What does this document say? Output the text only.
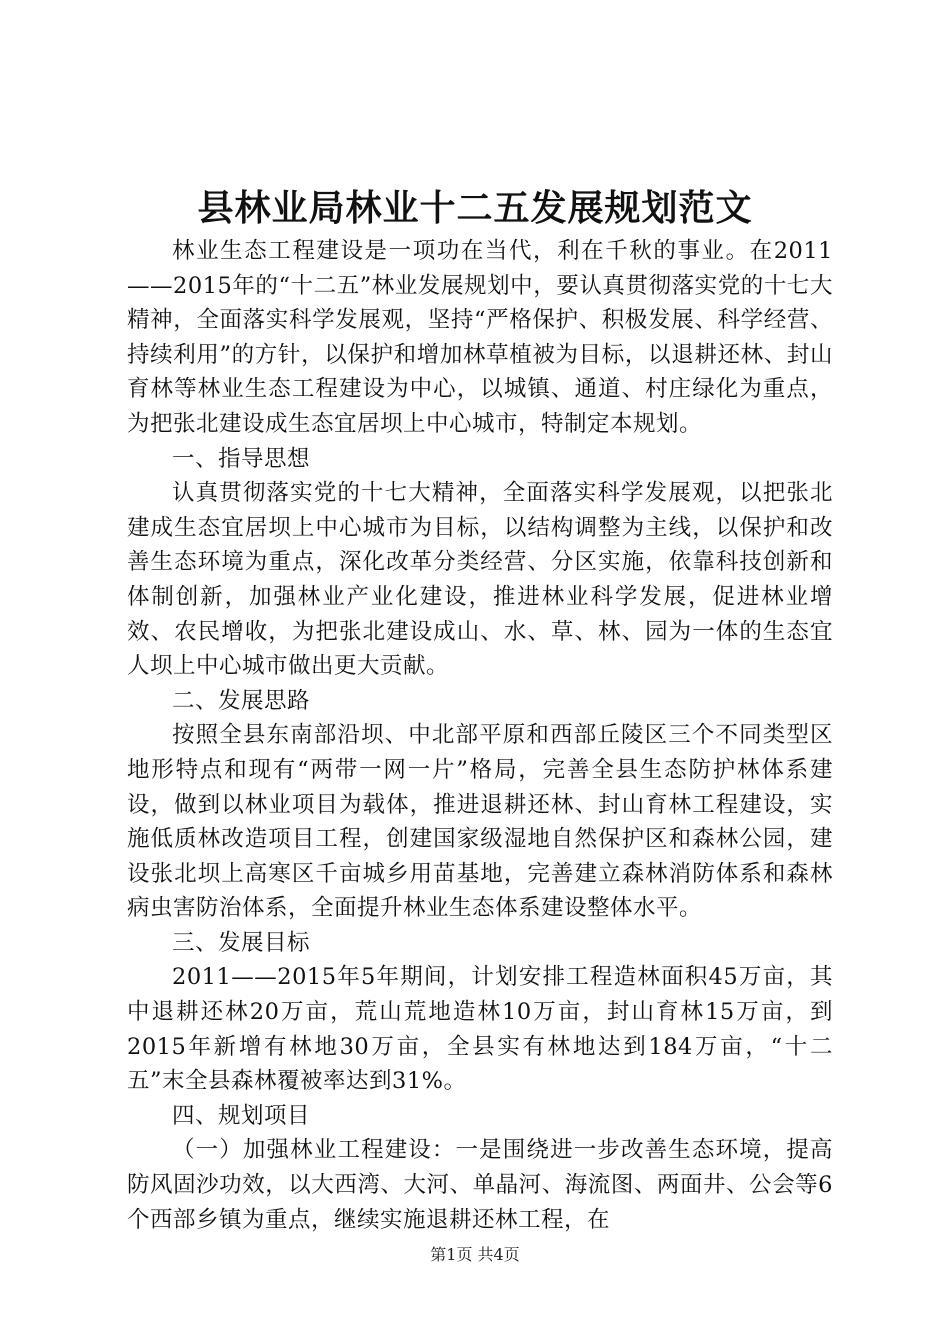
县林业局林业十二五发展规划范文

林业生态工程建设是一项功在当代，利在千秋的事业。在2011——2015年的“十二五”林业发展规划中，要认真贯彻落实党的十七大精神，全面落实科学发展观，坚持“严格保护、积极发展、科学经营、持续利用”的方针，以保护和增加林草植被为目标，以退耕还林、封山育林等林业生态工程建设为中心，以城镇、通道、村庄绿化为重点，为把张北建设成生态宜居坝上中心城市，特制定本规划。

一、指导思想

认真贯彻落实党的十七大精神，全面落实科学发展观，以把张北建成生态宜居坝上中心城市为目标，以结构调整为主线，以保护和改善生态环境为重点，深化改革分类经营、分区实施，依靠科技创新和体制创新，加强林业产业化建设，推进林业科学发展，促进林业增效、农民增收，为把张北建设成山、水、草、林、园为一体的生态宜人坝上中心城市做出更大贡献。

二、发展思路

按照全县东南部沿坝、中北部平原和西部丘陵区三个不同类型区地形特点和现有“两带一网一片”格局，完善全县生态防护林体系建设，做到以林业项目为载体，推进退耕还林、封山育林工程建设，实施低质林改造项目工程，创建国家级湿地自然保护区和森林公园，建设张北坝上高寒区千亩城乡用苗基地，完善建立森林消防体系和森林病虫害防治体系，全面提升林业生态体系建设整体水平。

三、发展目标

2011——2015年5年期间，计划安排工程造林面积45万亩，其中退耕还林20万亩，荒山荒地造林10万亩，封山育林15万亩，到2015年新增有林地30万亩，全县实有林地达到184万亩，“十二五”末全县森林覆被率达到31%。

四、规划项目

（一）加强林业工程建设：一是围绕进一步改善生态环境，提高防风固沙功效，以大西湾、大河、单晶河、海流图、两面井、公会等6个西部乡镇为重点，继续实施退耕还林工程，在

第1页 共4页
